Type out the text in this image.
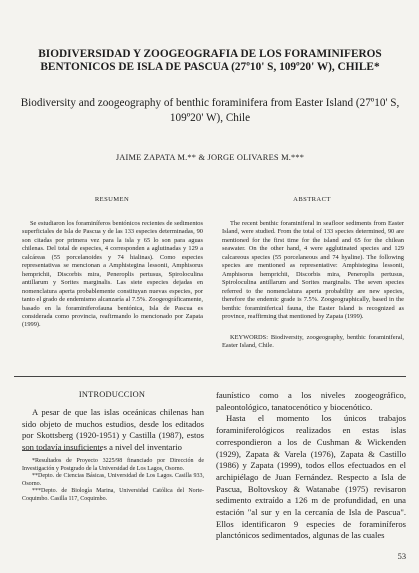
BIODIVERSIDAD Y ZOOGEOGRAFIA DE LOS FORAMINIFEROS BENTONICOS DE ISLA DE PASCUA (27º10' S, 109º20' W), CHILE*
Biodiversity and zoogeography of benthic foraminifera from Easter Island (27º10' S, 109º20' W), Chile
JAIME ZAPATA M.** & JORGE OLIVARES M.***
RESUMEN	ABSTRACT
Se estudiaron los foraminíferos bentónicos recientes de sedimentos superficiales de Isla de Pascua y de las 133 especies determinadas, 90 son citadas por primera vez para la isla y 65 lo son para aguas chilenas. Del total de especies, 4 corresponden a aglutinadas y 129 a calcáreas (55 porcelanoides y 74 hialinas). Como especies representativas se mencionan a Amphistegina lessonii, Amphisorus hemprichii, Discorbis mira, Peneroplis pertusus, Spiroloculina antillarum y Sorites marginalis. Las siete especies dejadas en nomenclatura aperta probablemente constituyan nuevas especies, por tanto el grado de endemismo alcanzaría al 7.5%. Zoogeográficamente, basado en la foraminiferofauna bentónica, Isla de Pascua es considerada como provincia, reafirmando lo mencionado por Zapata (1999).
The recent benthic foraminiferal in seafloor sediments from Easter Island, were studied. From the total of 133 species determined, 90 are mentioned for the first time for the island and 65 for the chilean seawater. On the other hand, 4 were agglutinated species and 129 calcareous species (55 porcelaneous and 74 hyaline). The following species are mentioned as representative: Amphistegina lessonii, Amphisorus hemprichii, Discorbis mira, Peneroplis pertusus, Spiroloculina antillarum and Sorites marginalis. The seven species referred to the nomenclatura aperta probability are new species, therefore the endemic grade is 7.5%. Zoogeographically, based in the benthic foraminiferical fauna, the Easter Island is recognized as province, reaffirming that mentioned by Zapata (1999).
KEYWORDS: Biodiversity, zoogeography, benthic foraminiferal, Easter Island, Chile.
INTRODUCCION
A pesar de que las islas oceánicas chilenas han sido objeto de muchos estudios, desde los editados por Skottsberg (1920-1951) y Castilla (1987), estos son todavía insuficientes a nivel del inventario

faunístico como a los niveles zoogeográfico, paleontológico, tanatocenótico y biocenótico.

Hasta el momento los únicos trabajos foraminiferológicos realizados en estas islas correspondieron a los de Cushman & Wickenden (1929), Zapata & Varela (1976), Zapata & Castillo (1986) y Zapata (1999), todos ellos efectuados en el archipiélago de Juan Fernández. Respecto a Isla de Pascua, Boltovskoy & Watanabe (1975) revisaron sedimento extraído a 126 m de profundidad, en una estación "al sur y en la cercanía de Isla de Pascua". Ellos identificaron 9 especies de foraminíferos planctónicos sedimentados, algunas de las cuales

*Resultados de Proyecto 3225/98 financiado por Dirección de Investigación y Postgrado de la Universidad de Los Lagos, Osorno.
**Depto. de Ciencias Básicas, Universidad de Los Lagos. Casilla 933, Osorno.
***Depto. de Biología Marina, Universidad Católica del Norte-Coquimbo. Casilla 117, Coquimbo.
53
